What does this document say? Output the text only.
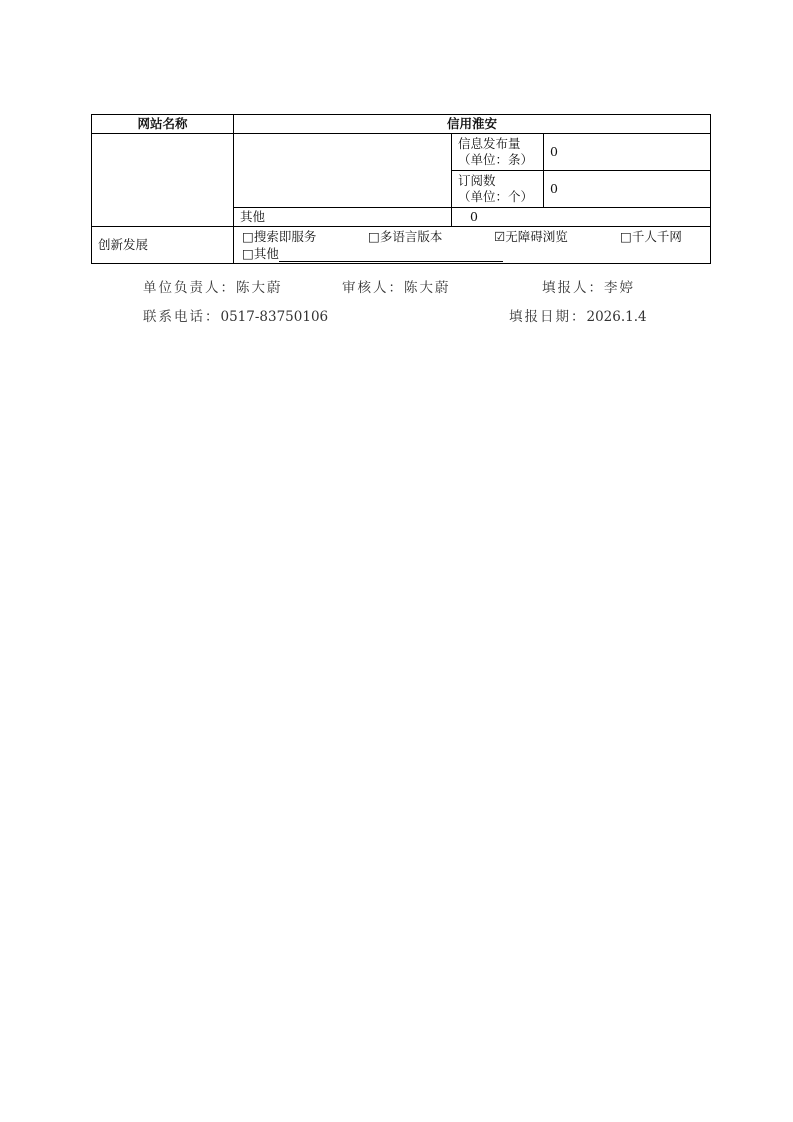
网站名称	信用淮安		

		信息发布量
（单位：条）	0

		订阅数
（单位：个）	0
	其他	0	
创新发展	□搜索即服务 □多语言版本 ☑无障碍浏览 □千人千网
□其他		
单位负责人：陈大蔚	审核人：陈大蔚	填报人：李婷
联系电话：0517-83750106	填报日期：2026.1.4
